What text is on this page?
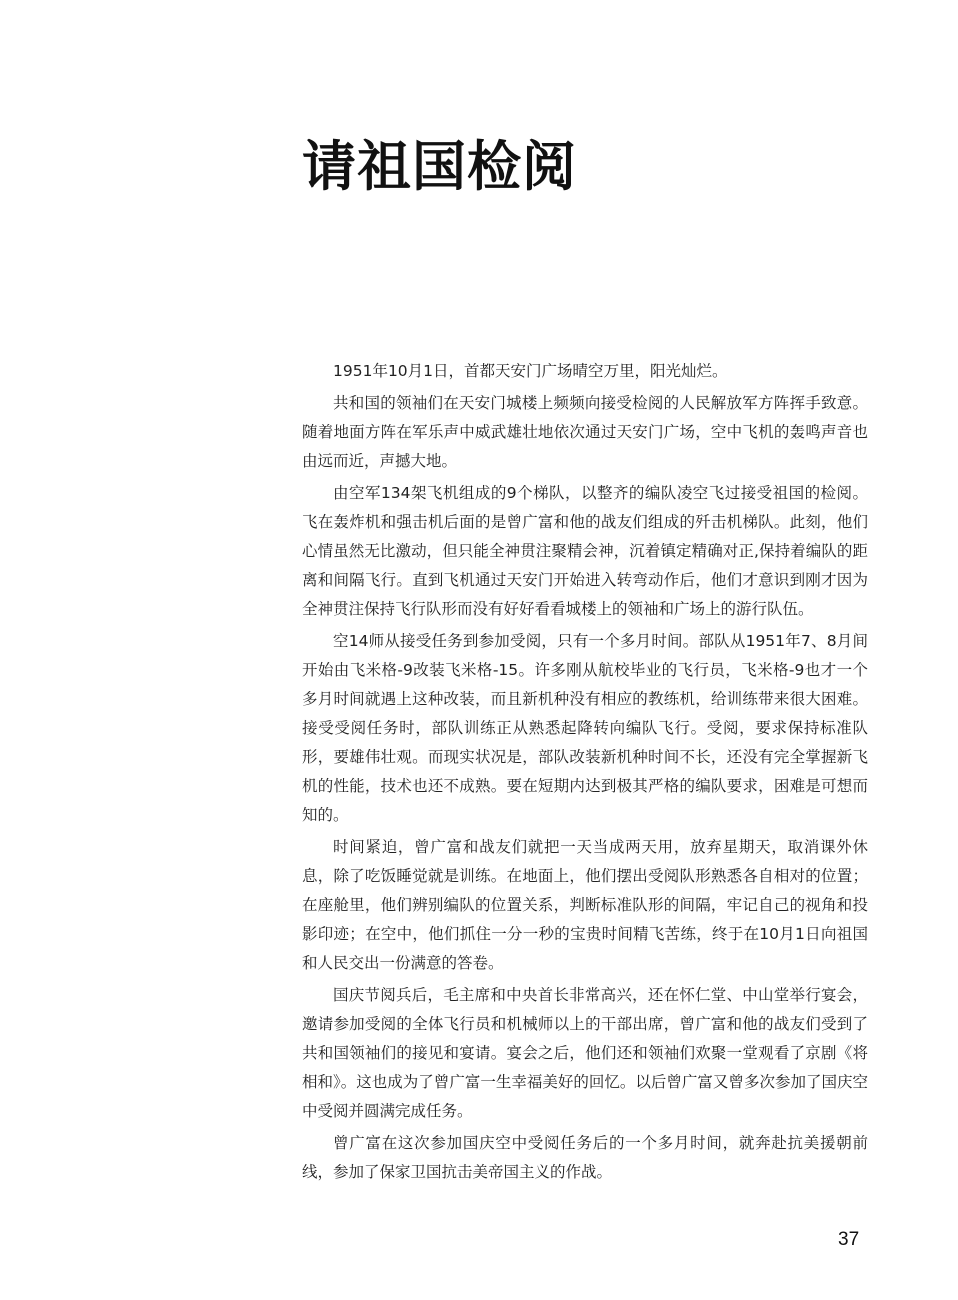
请祖国检阅

1951年10月1日，首都天安门广场晴空万里，阳光灿烂。

共和国的领袖们在天安门城楼上频频向接受检阅的人民解放军方阵挥手致意。随着地面方阵在军乐声中威武雄壮地依次通过天安门广场，空中飞机的轰鸣声音也由远而近，声撼大地。

由空军134架飞机组成的9个梯队，以整齐的编队凌空飞过接受祖国的检阅。飞在轰炸机和强击机后面的是曾广富和他的战友们组成的歼击机梯队。此刻，他们心情虽然无比激动，但只能全神贯注聚精会神，沉着镇定精确对正,保持着编队的距离和间隔飞行。直到飞机通过天安门开始进入转弯动作后，他们才意识到刚才因为全神贯注保持飞行队形而没有好好看看城楼上的领袖和广场上的游行队伍。

空14师从接受任务到参加受阅，只有一个多月时间。部队从1951年7、8月间开始由飞米格-9改装飞米格-15。许多刚从航校毕业的飞行员，飞米格-9也才一个多月时间就遇上这种改装，而且新机种没有相应的教练机，给训练带来很大困难。接受受阅任务时，部队训练正从熟悉起降转向编队飞行。受阅，要求保持标准队形，要雄伟壮观。而现实状况是，部队改装新机种时间不长，还没有完全掌握新飞机的性能，技术也还不成熟。要在短期内达到极其严格的编队要求，困难是可想而知的。

时间紧迫，曾广富和战友们就把一天当成两天用，放弃星期天，取消课外休息，除了吃饭睡觉就是训练。在地面上，他们摆出受阅队形熟悉各自相对的位置；在座舱里，他们辨别编队的位置关系，判断标准队形的间隔，牢记自己的视角和投影印迹；在空中，他们抓住一分一秒的宝贵时间精飞苦练，终于在10月1日向祖国和人民交出一份满意的答卷。

国庆节阅兵后，毛主席和中央首长非常高兴，还在怀仁堂、中山堂举行宴会，邀请参加受阅的全体飞行员和机械师以上的干部出席，曾广富和他的战友们受到了共和国领袖们的接见和宴请。宴会之后，他们还和领袖们欢聚一堂观看了京剧《将相和》。这也成为了曾广富一生幸福美好的回忆。以后曾广富又曾多次参加了国庆空中受阅并圆满完成任务。

曾广富在这次参加国庆空中受阅任务后的一个多月时间，就奔赴抗美援朝前线，参加了保家卫国抗击美帝国主义的作战。

37
